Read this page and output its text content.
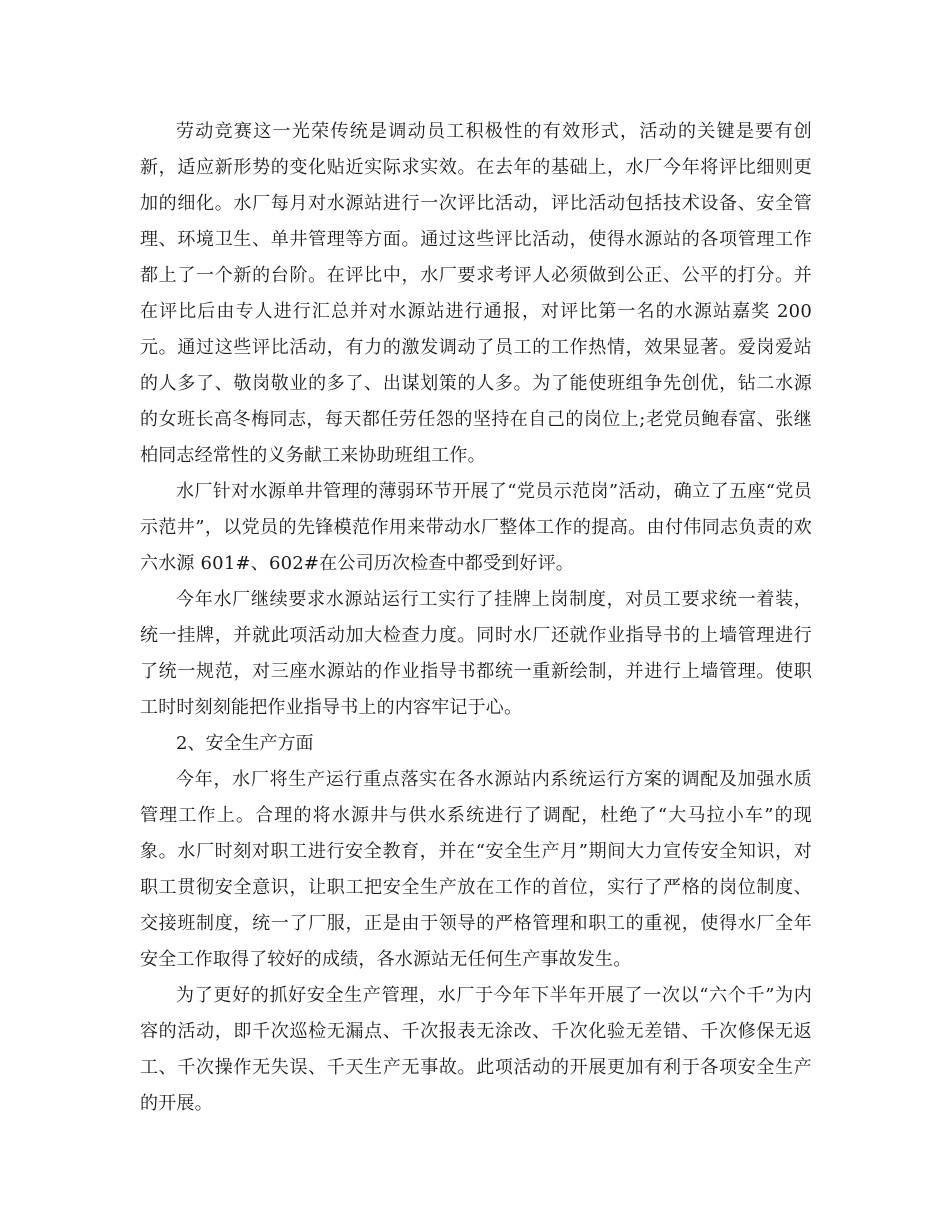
劳动竞赛这一光荣传统是调动员工积极性的有效形式，活动的关键是要有创新，适应新形势的变化贴近实际求实效。在去年的基础上，水厂今年将评比细则更加的细化。水厂每月对水源站进行一次评比活动，评比活动包括技术设备、安全管理、环境卫生、单井管理等方面。通过这些评比活动，使得水源站的各项管理工作都上了一个新的台阶。在评比中，水厂要求考评人必须做到公正、公平的打分。并在评比后由专人进行汇总并对水源站进行通报，对评比第一名的水源站嘉奖 200 元。通过这些评比活动，有力的激发调动了员工的工作热情，效果显著。爱岗爱站的人多了、敬岗敬业的多了、出谋划策的人多。为了能使班组争先创优，钻二水源的女班长高冬梅同志，每天都任劳任怨的坚持在自己的岗位上;老党员鲍春富、张继柏同志经常性的义务献工来协助班组工作。

水厂针对水源单井管理的薄弱环节开展了“党员示范岗”活动，确立了五座“党员示范井”，以党员的先锋模范作用来带动水厂整体工作的提高。由付伟同志负责的欢六水源 601#、602#在公司历次检查中都受到好评。

今年水厂继续要求水源站运行工实行了挂牌上岗制度，对员工要求统一着装，统一挂牌，并就此项活动加大检查力度。同时水厂还就作业指导书的上墙管理进行了统一规范，对三座水源站的作业指导书都统一重新绘制，并进行上墙管理。使职工时时刻刻能把作业指导书上的内容牢记于心。

2、安全生产方面

今年，水厂将生产运行重点落实在各水源站内系统运行方案的调配及加强水质管理工作上。合理的将水源井与供水系统进行了调配，杜绝了“大马拉小车”的现象。水厂时刻对职工进行安全教育，并在“安全生产月”期间大力宣传安全知识，对职工贯彻安全意识，让职工把安全生产放在工作的首位，实行了严格的岗位制度、交接班制度，统一了厂服，正是由于领导的严格管理和职工的重视，使得水厂全年安全工作取得了较好的成绩，各水源站无任何生产事故发生。

为了更好的抓好安全生产管理，水厂于今年下半年开展了一次以“六个千”为内容的活动，即千次巡检无漏点、千次报表无涂改、千次化验无差错、千次修保无返工、千次操作无失误、千天生产无事故。此项活动的开展更加有利于各项安全生产的开展。
